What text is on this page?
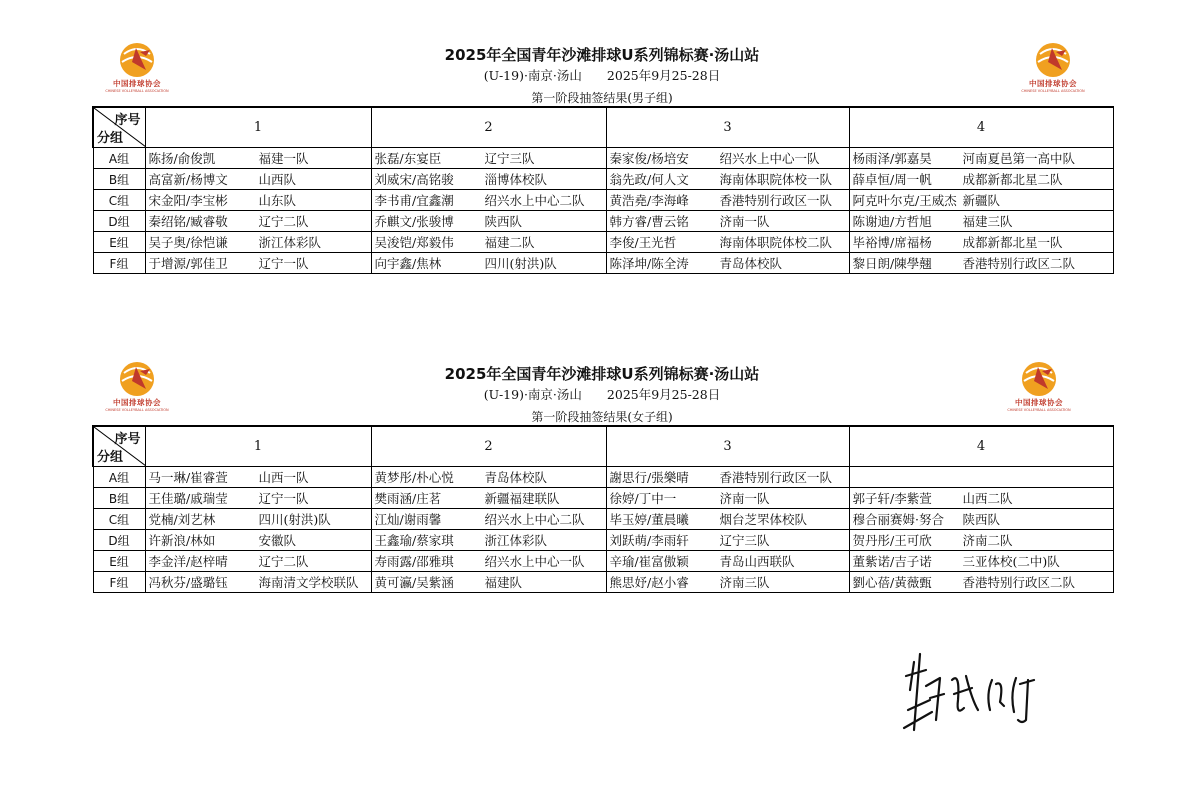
中国排球协会
CHINESE VOLLEYBALL ASSOCIATION
中国排球协会
CHINESE VOLLEYBALL ASSOCIATION
2025年全国青年沙滩排球U系列锦标赛·汤山站
(U-19)·南京·汤山　　2025年9月25-28日
第一阶段抽签结果(男子组)
序号
分组	1	2	3	4
A组	陈扬/俞俊凯 福建一队	张磊/东宴臣 辽宁三队	秦家俊/杨培安 绍兴水上中心一队	杨雨泽/郭嘉昊 河南夏邑第一高中队
B组	高富新/杨博文 山西队	刘威宋/高铭骏 淄博体校队	翁先政/何人文 海南体职院体校一队	薛卓恒/周一帆 成都新都北星二队
C组	宋金阳/李宝彬 山东队	李书甫/宜鑫潮 绍兴水上中心二队	黄浩堯/李海峰 香港特别行政区一队	阿克叶尔克/王威杰 新疆队
D组	秦绍铭/臧睿敬 辽宁二队	乔麒文/张骏博 陕西队	韩方睿/曹云铭 济南一队	陈谢迪/方哲旭 福建三队
E组	吴子奥/徐恺谦 浙江体彩队	吴浚铠/郑毅伟 福建二队	李俊/王光哲 海南体职院体校二队	毕裕博/席福杨 成都新都北星一队
F组	于增源/郭佳卫 辽宁一队	向宇鑫/焦林 四川(射洪)队	陈泽坤/陈全涛 青岛体校队	黎日朗/陳學翹 香港特别行政区二队
中国排球协会
CHINESE VOLLEYBALL ASSOCIATION
中国排球协会
CHINESE VOLLEYBALL ASSOCIATION
2025年全国青年沙滩排球U系列锦标赛·汤山站
(U-19)·南京·汤山　　2025年9月25-28日
第一阶段抽签结果(女子组)
序号
分组	1	2	3	4
A组	马一琳/崔睿萱 山西一队	黄梦彤/朴心悦 青岛体校队	謝思行/張樂晴 香港特别行政区一队	
B组	王佳璐/戚瑞莹 辽宁一队	樊雨涵/庄茗 新疆福建联队	徐婷/丁中一 济南一队	郭子轩/李紫萱 山西二队
C组	党楠/刘艺林 四川(射洪)队	江灿/谢雨馨 绍兴水上中心二队	毕玉婷/董晨曦 烟台芝罘体校队	穆合丽赛姆·努合 陕西队
D组	许新浪/林如 安徽队	王鑫瑜/蔡家琪 浙江体彩队	刘跃萌/李雨轩 辽宁三队	贺丹彤/王可欣 济南二队
E组	李金洋/赵梓晴 辽宁二队	寿雨露/邵雅琪 绍兴水上中心一队	辛瑜/崔富傲颖 青岛山西联队	董紫诺/吉子诺 三亚体校(二中)队
F组	冯秋芬/盛璐钰 海南清文学校联队	黄可瀛/吴紫涵 福建队	熊思妤/赵小睿 济南三队	劉心蓓/黃薇甄 香港特别行政区二队
